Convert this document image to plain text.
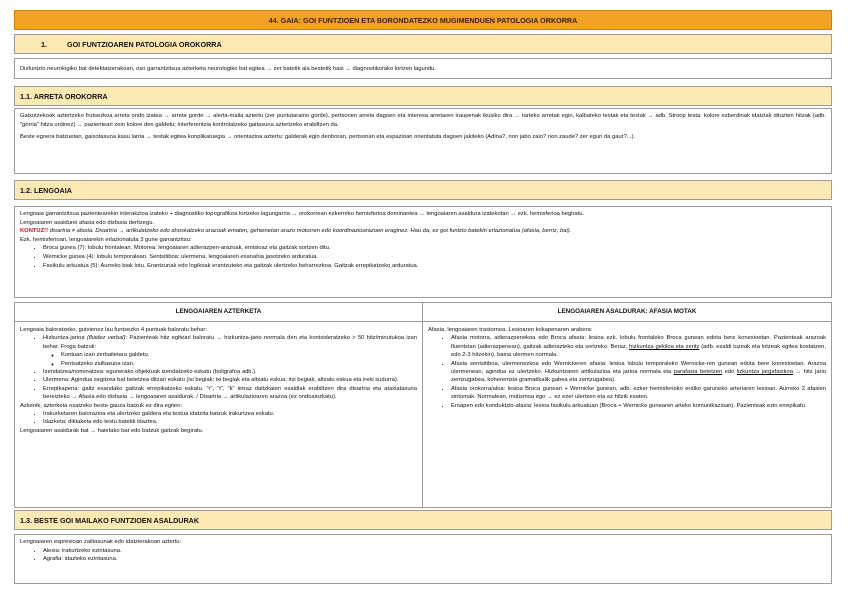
44. GAIA: GOI FUNTZIOEN ETA BORONDATEZKO MUGIMENDUEN PATOLOGIA ORKORRA
1.	GOI FUNTZIOAREN PATOLOGIA OROKORRA
Disfuntzio neurologiko bat detektatzerakoan, oso garrantzitsua azterketa neurologiko bat egitea → zer batetik ala bestetik hasi → diagnostikorako lortzen lagundu.
1.1. ARRETA OROKORRA

Gaixotzekoak aztertzeko frutsezkoa arreta ondo izatea → arreta gorde → alerta-maila aztertu (zer puntutaraino gorde), pertsonen arreta dagoen eta interesa arretaren iraupenak ikusiko dira → tarteko arretak egin, kalbateko testak eta testak → adb. Stroop testa: kolore ezberdinak idatziak dituzten hitzak (adb. "gorria" hitza urdinez) → pazienteari zein kolore den galdetu; interferentzia kontrolatzeko gaitasuna aztertzeko erabiltzen da.

Beste egoera batzuetan, gaixotasuna kasu larria → testak egitea konplikatuegia → orientazioa aztertu: galderak egin denboran, pertsonan eta espazioan orientatuta dagoen jakiteko (Adina?, non jabo zaio? non zaude? zer egun da gaur?...).

1.2. LENGOAIA
Lengoaia garrantzitsua pazientearekin interakzioa izateko + diagnostiko topografikoa lortzeko lagungarria → orokorrean ezkerreko hemisferioa dominantea → lengoaiaren asaldura izatekotan → ezk. hemisferioa begiratu.
Lengoaiaren asaldurei afasia edo disfasia deritzegu.
KONTUZ!! disartria ≠ afasia. Disartria → artikulatzeko edo ahoskatzeko arazoak ematen, gehienetan arazo motorren edo koordinazioarazoen eraginez. Hau da, ez goi funtzio batekin erlazionatua (afasia, berriz, bai).
Ezk. hemisferioan, lengoaiarekin erlazionatuta 3 gune garrantzitsu:
• Broca gunea (7): lobulu frontalean. Motorea: lengoaiaren adierazpen-arazoak, emisioaz eta gaitzak sortzen ditu.
• Wernicke gunea (4): lobulu temporalean. Sentsitiboa: ulermena, lengoaiaren esanahia jasotzeko arduratua.
• Fasikulu arkuatua (5): Aurreko biak lotu. Erantzunak edo logikoak erantzuteko eta gaitzak ulertzeko beharrezkoa. Gaitzak errepikatzeko arduratua.
LENGOAIAREN AZTERKETA
Lengoaia baloratzeko, gutxienez lau funtsezko 4 puntuak baloratu behar:
• Hizkuntza-jarioa (fluidez verbal): Pazienteak hitz egiteari baloratu → hizkuntza-jario normala den eta kontsideratzeko > 50 hitz/minutukoa izan behar. Froga batzuk:
◦ Kontuan izan zerbaitetara galdetu.
◦ Pentsatzeko zailtasuna izan.
• Izendatzea/nominatzea: egunerako objektuak izendatzeko eskatu (boligrafoa adb.).
• Ulermena: Agindua segitzea bat betetzea ditzan eskatu (ixi begiak; ixi begiak eta altxatu eskua; itxi begiak, altxatu eskua eta ireki sudurra).
• Errepikapena: gaitz esandako gaitzak errepikatzeko eskatu. "r", "t", "k" letraz daitzkaten esaldiak erabiltzen dira disartria eta ataxiatasuna bereizteko → Afasia edo disfasia → lengoaiaren asaldurak. / Disartria → artikulazioaren arazoa (ez ondoaiozkatu).
Azkenik, azterketa osatzeko beste gauza batzuk ez dira egiten:
• Irakurketaren balorazioa eta ulertzeko galdera eta testua idatzita batzuk irakurtzea eskatu.
• Idazketa: diktaketa edo testu batetik idaztea.
Lengoaiaren asaldurak bat → haietako bat edo batzuk gaitzak begiratu.
LENGOAIAREN ASALDURAK: AFASIA MOTAK
Afasia, lengoaiaren trastornoa. Lesioaren kokapenaren arabera:
• Afasia motorra, adierazpenekoa edo Broca afasia: lesioa ezk. lobulu frontaleko Broca gunean edota bere konexioetan. Pazienteak arazoak fluentzian (adierazpenean), gaitzak adierazteko eta sortzeko. Beraz, hizkuntza gekiloa eta zeritz (adb. esaldi luzeak eta lotzeak egitea kostatzen, edo 2-3 hitzekin), baina ulermen normala.
• Afasia sentsitiboa, ulermenezkoa edo Wernickeren afasia: lesioa lobulu temporaleko Wernicke-ren gunean edota bere konexioetan. Arazoa ulermenean, agindua ez ulertzeko. Hizkuntzaren artikulazioa eta jarioa normala eta parafasia betetzen edo lizkuntza jargafasikoa → hitz jario zentzugabea, koherentzia gramatikalik gabea eta zentzugabea).
• Afasia orokorra/aloa: lesioa Broca gunean + Wernicke gunean, adb. ezker hemisferioko erdiko garuneko arteriaren lesioan. Aurreko 2 afasien sintomak. Normalean, mutismoa ego → ez ezer ulertzen eta ez hitzik esaten.
• Eroapen edo konduktzio-afasia: lesioa fasikulu arkuatuan (Broca + Wernicke gunearen arteko komunikazioan). Pazienteak ezin errepikatu.
1.3. BESTE GOI MAILAKO FUNTZIOEN ASALDURAK
Lengoaiaren espresioan zailtasunak edo idatzierakoan aztertu:
• Alexia: irakurtzeko ezintasuna.
• Agrafia: idazteko ezintasuna.
